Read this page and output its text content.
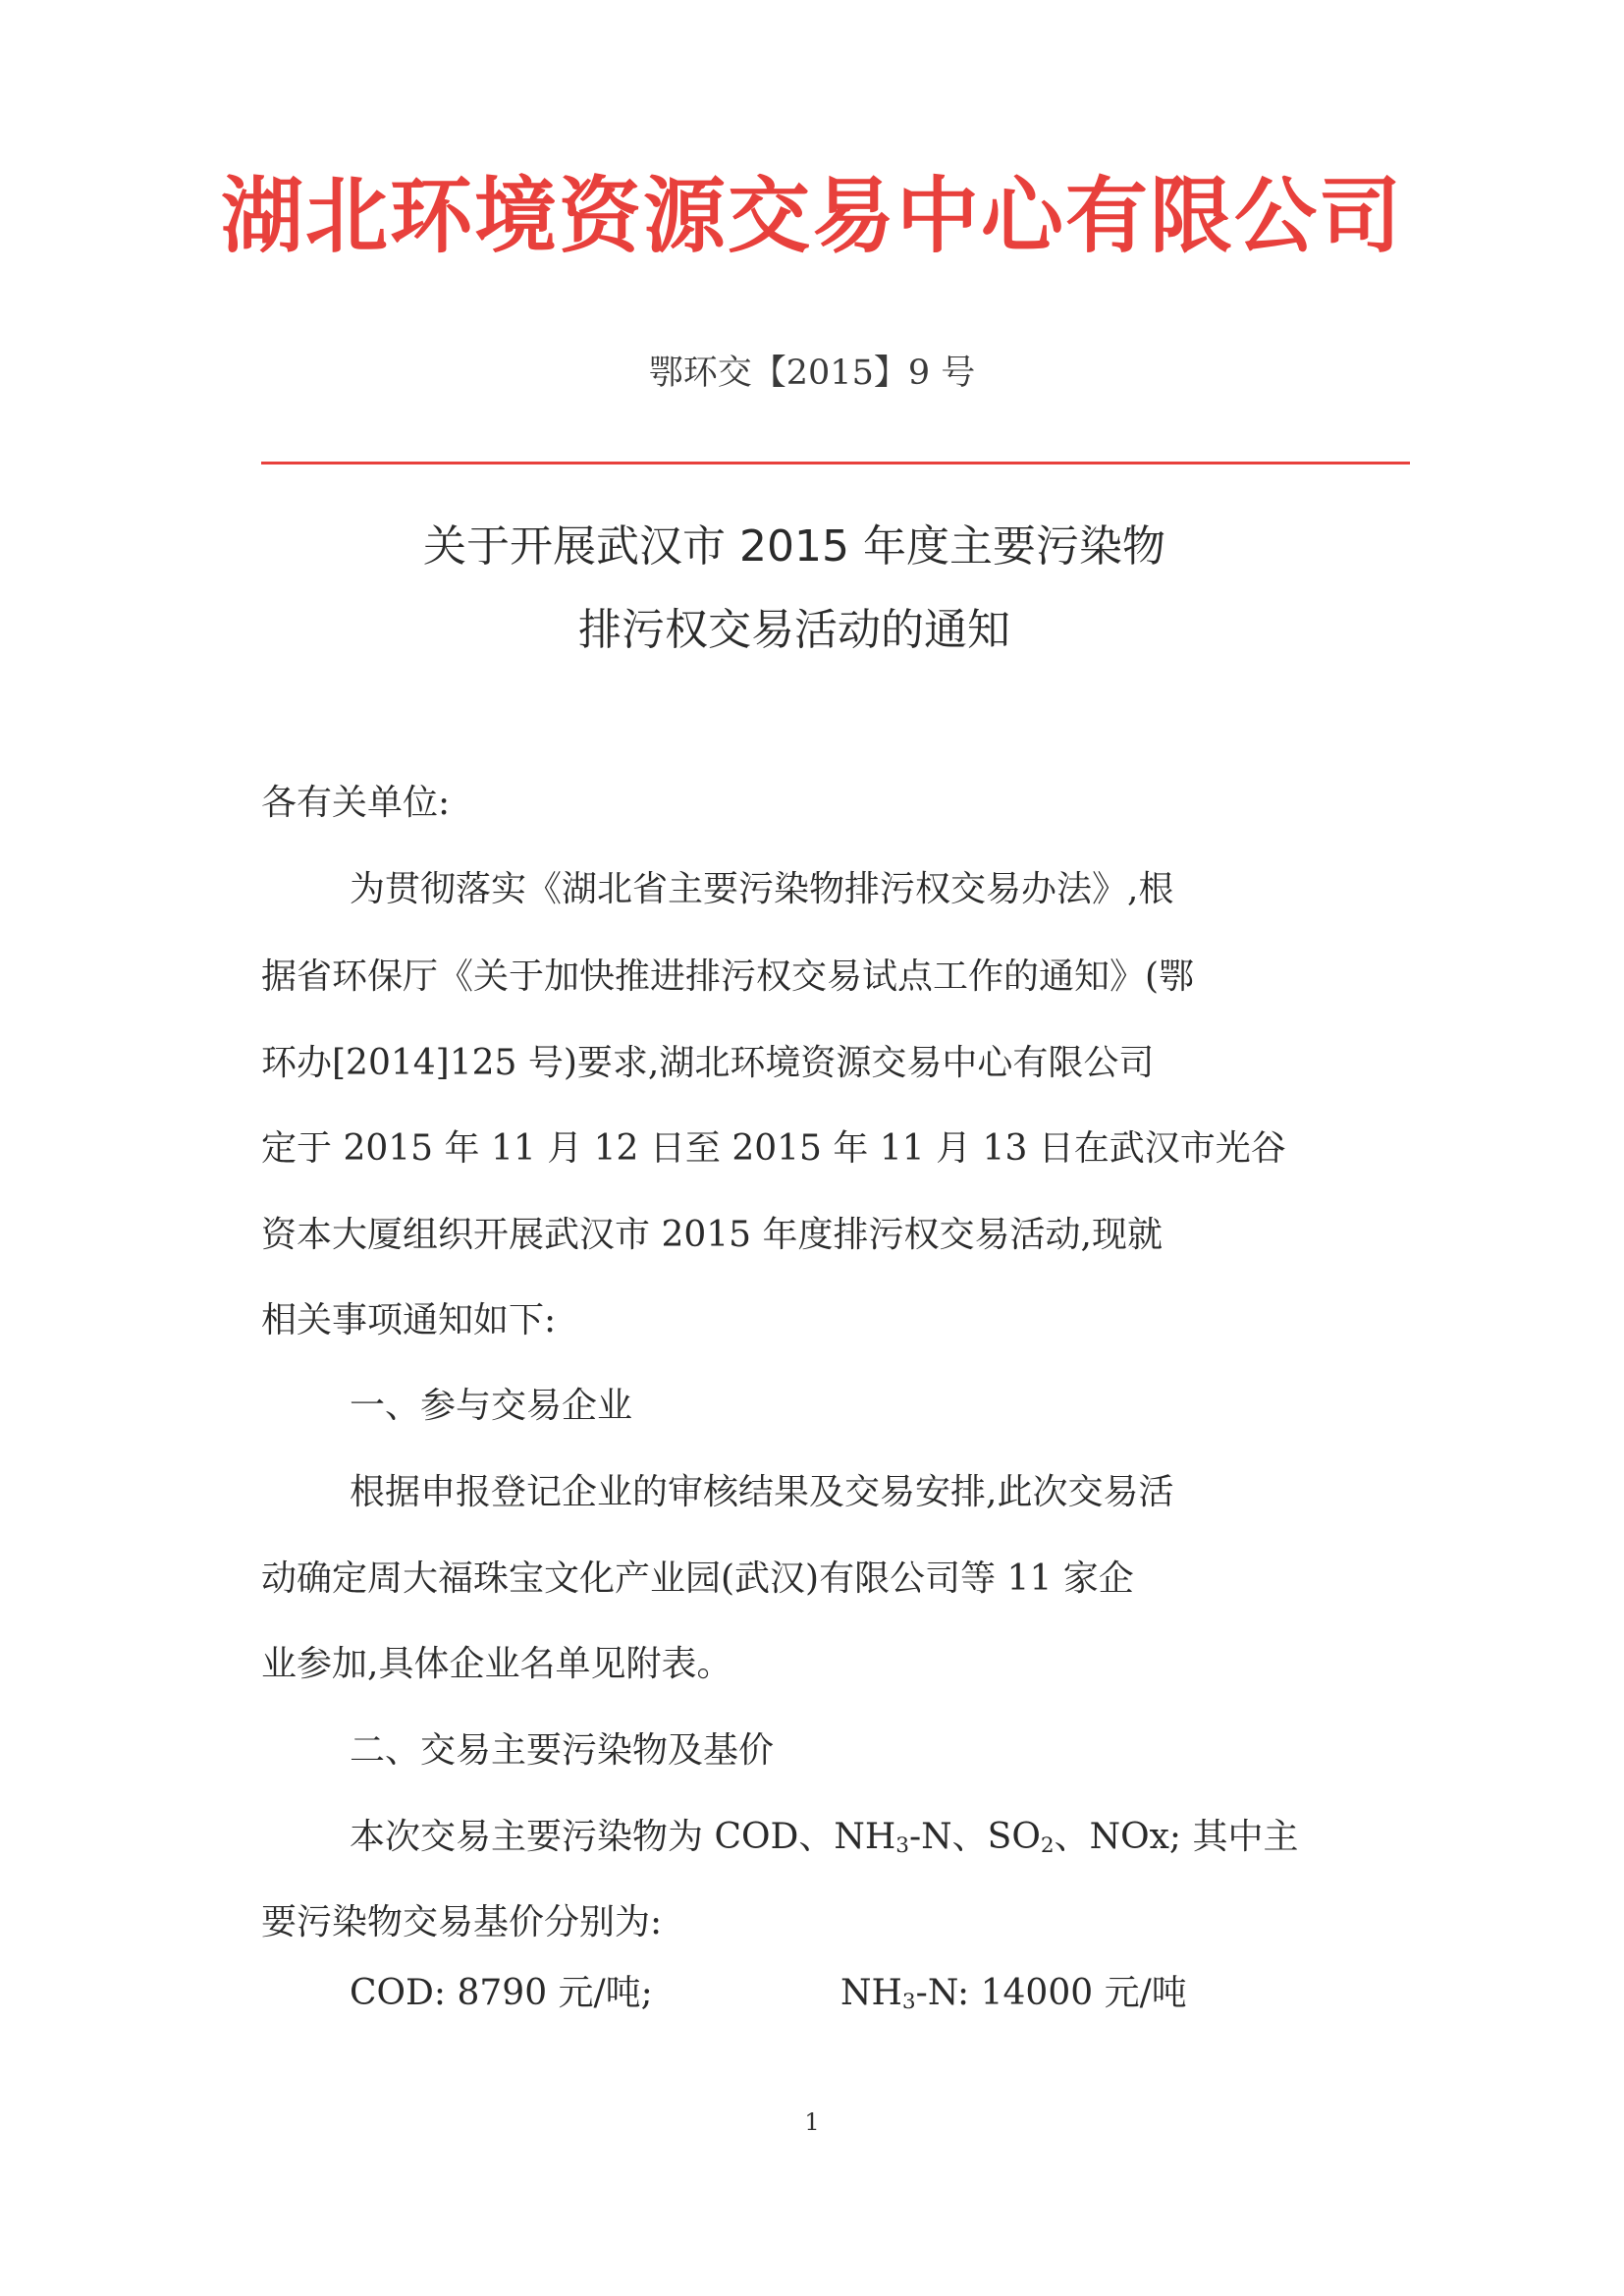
湖北环境资源交易中心有限公司
鄂环交【2015】9 号
关于开展武汉市 2015 年度主要污染物
排污权交易活动的通知
各有关单位:
为贯彻落实《湖北省主要污染物排污权交易办法》,根
据省环保厅《关于加快推进排污权交易试点工作的通知》(鄂
环办[2014]125 号)要求,湖北环境资源交易中心有限公司
定于 2015 年 11 月 12 日至 2015 年 11 月 13 日在武汉市光谷
资本大厦组织开展武汉市 2015 年度排污权交易活动,现就
相关事项通知如下:
一、参与交易企业
根据申报登记企业的审核结果及交易安排,此次交易活
动确定周大福珠宝文化产业园(武汉)有限公司等 11 家企
业参加,具体企业名单见附表。
二、交易主要污染物及基价
本次交易主要污染物为 COD、$NH_3-N$、$SO_2$、NOx; 其中主
要污染物交易基价分别为:
COD: 8790 元/吨;	$NH_3-N$: 14000 元/吨
1
